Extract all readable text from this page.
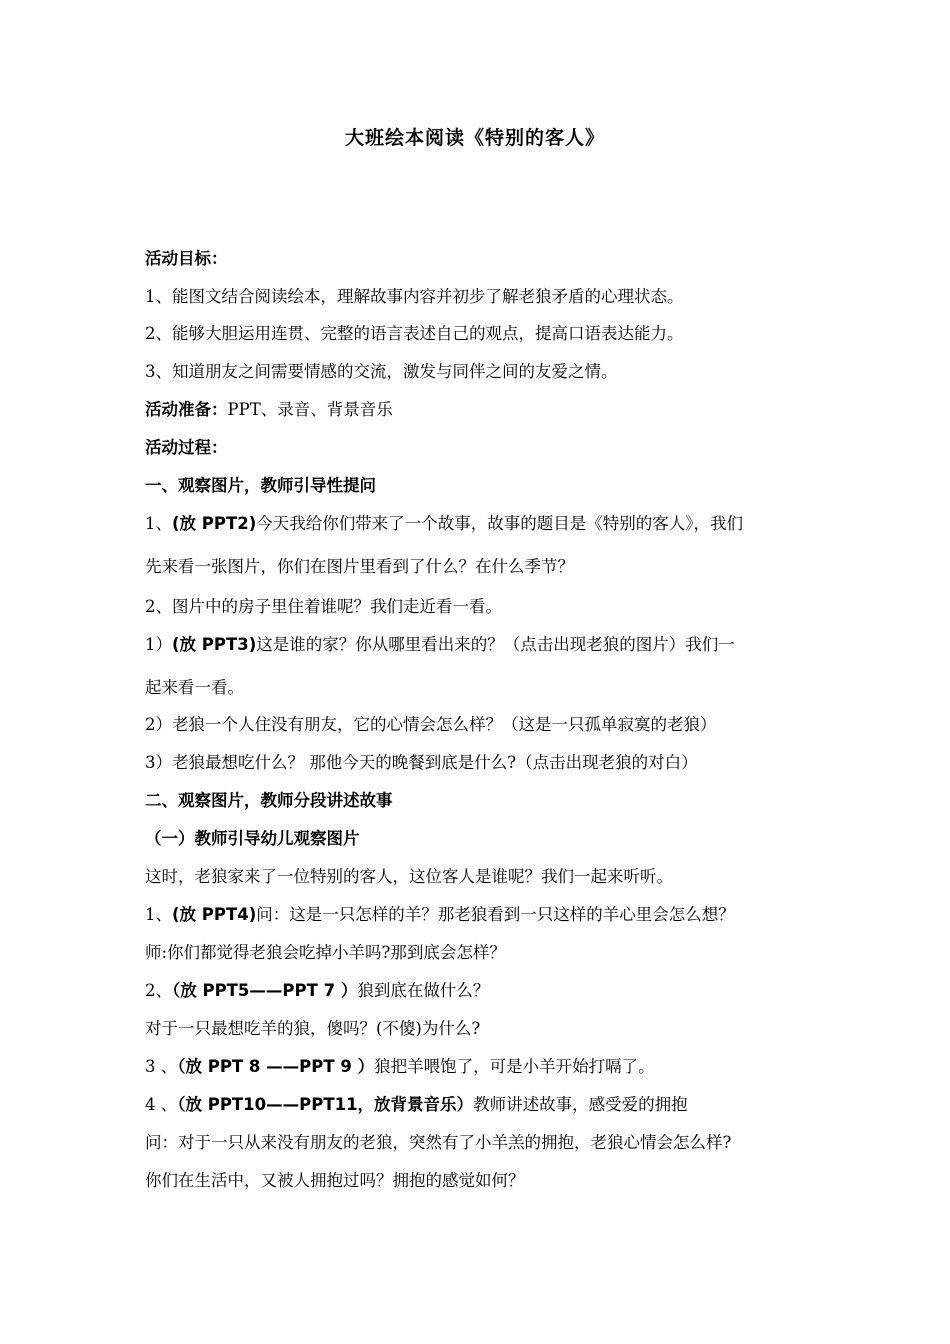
大班绘本阅读《特别的客人》
活动目标：
1、能图文结合阅读绘本，理解故事内容并初步了解老狼矛盾的心理状态。
2、能够大胆运用连贯、完整的语言表述自己的观点，提高口语表达能力。
3、知道朋友之间需要情感的交流，激发与同伴之间的友爱之情。
活动准备：PPT、录音、背景音乐
活动过程：
一、观察图片，教师引导性提问
1、(放 PPT2)今天我给你们带来了一个故事，故事的题目是《特别的客人》，我们
先来看一张图片，你们在图片里看到了什么？在什么季节？
2、图片中的房子里住着谁呢？我们走近看一看。
1）(放 PPT3)这是谁的家？你从哪里看出来的？（点击出现老狼的图片）我们一
起来看一看。
2）老狼一个人住没有朋友，它的心情会怎么样？（这是一只孤单寂寞的老狼）
3）老狼最想吃什么？ 那他今天的晚餐到底是什么?（点击出现老狼的对白）
二、观察图片，教师分段讲述故事
（一）教师引导幼儿观察图片
这时，老狼家来了一位特别的客人，这位客人是谁呢？我们一起来听听。
1、(放 PPT4)问：这是一只怎样的羊？那老狼看到一只这样的羊心里会怎么想？
师:你们都觉得老狼会吃掉小羊吗?那到底会怎样？
2、（放 PPT5——PPT 7 ）狼到底在做什么？
对于一只最想吃羊的狼，傻吗？(不傻)为什么?
3 、（放 PPT 8 ——PPT 9 ）狼把羊喂饱了，可是小羊开始打嗝了。
4 、（放 PPT10——PPT11，放背景音乐）教师讲述故事，感受爱的拥抱
问：对于一只从来没有朋友的老狼，突然有了小羊羔的拥抱，老狼心情会怎么样?
你们在生活中，又被人拥抱过吗？拥抱的感觉如何？
